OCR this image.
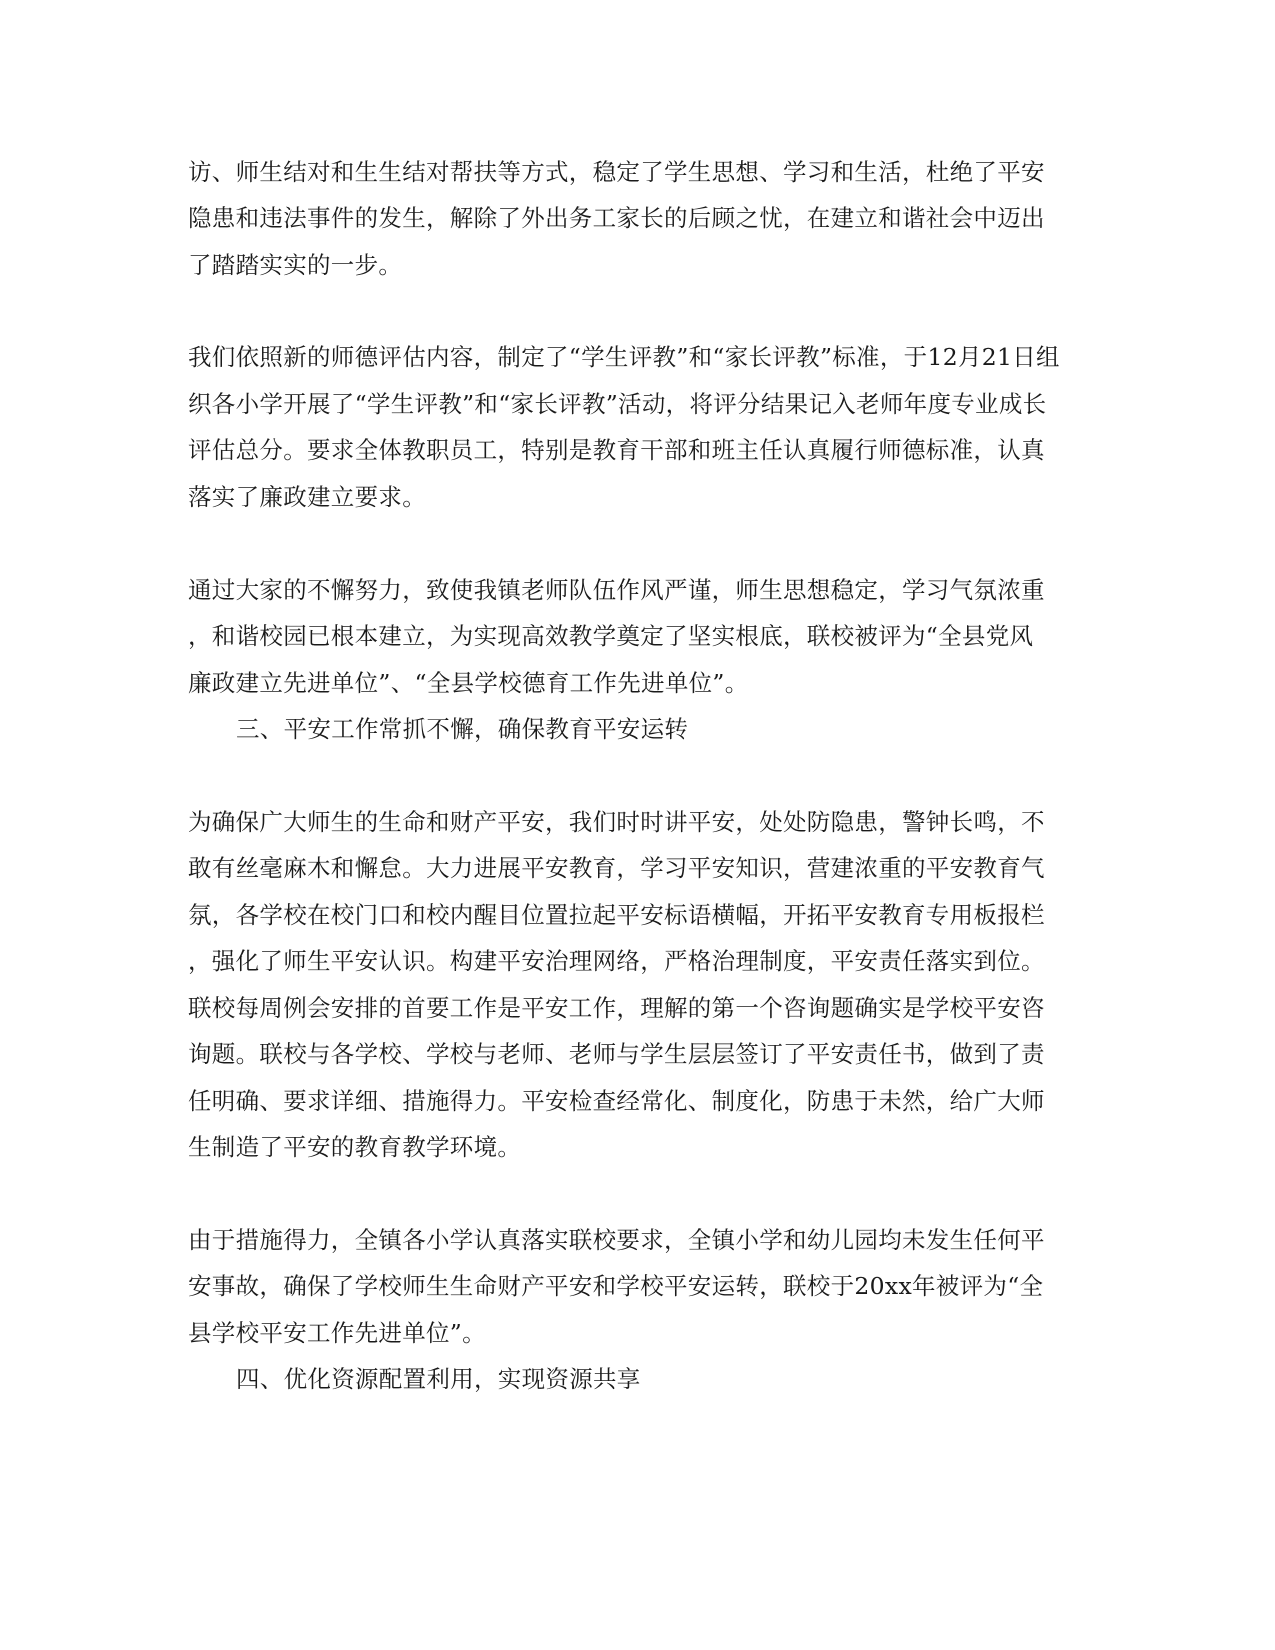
访、师生结对和生生结对帮扶等方式，稳定了学生思想、学习和生活，杜绝了平安
隐患和违法事件的发生，解除了外出务工家长的后顾之忧，在建立和谐社会中迈出
了踏踏实实的一步。
我们依照新的师德评估内容，制定了“学生评教”和“家长评教”标准，于12月21日组
织各小学开展了“学生评教”和“家长评教”活动，将评分结果记入老师年度专业成长
评估总分。要求全体教职员工，特别是教育干部和班主任认真履行师德标准，认真
落实了廉政建立要求。
通过大家的不懈努力，致使我镇老师队伍作风严谨，师生思想稳定，学习气氛浓重
，和谐校园已根本建立，为实现高效教学奠定了坚实根底，联校被评为“全县党风
廉政建立先进单位”、“全县学校德育工作先进单位”。
三、平安工作常抓不懈，确保教育平安运转
为确保广大师生的生命和财产平安，我们时时讲平安，处处防隐患，警钟长鸣，不
敢有丝毫麻木和懈怠。大力进展平安教育，学习平安知识，营建浓重的平安教育气
氛，各学校在校门口和校内醒目位置拉起平安标语横幅，开拓平安教育专用板报栏
，强化了师生平安认识。构建平安治理网络，严格治理制度，平安责任落实到位。
联校每周例会安排的首要工作是平安工作，理解的第一个咨询题确实是学校平安咨
询题。联校与各学校、学校与老师、老师与学生层层签订了平安责任书，做到了责
任明确、要求详细、措施得力。平安检查经常化、制度化，防患于未然，给广大师
生制造了平安的教育教学环境。
由于措施得力，全镇各小学认真落实联校要求，全镇小学和幼儿园均未发生任何平
安事故，确保了学校师生生命财产平安和学校平安运转，联校于20xx年被评为“全
县学校平安工作先进单位”。
四、优化资源配置利用，实现资源共享
